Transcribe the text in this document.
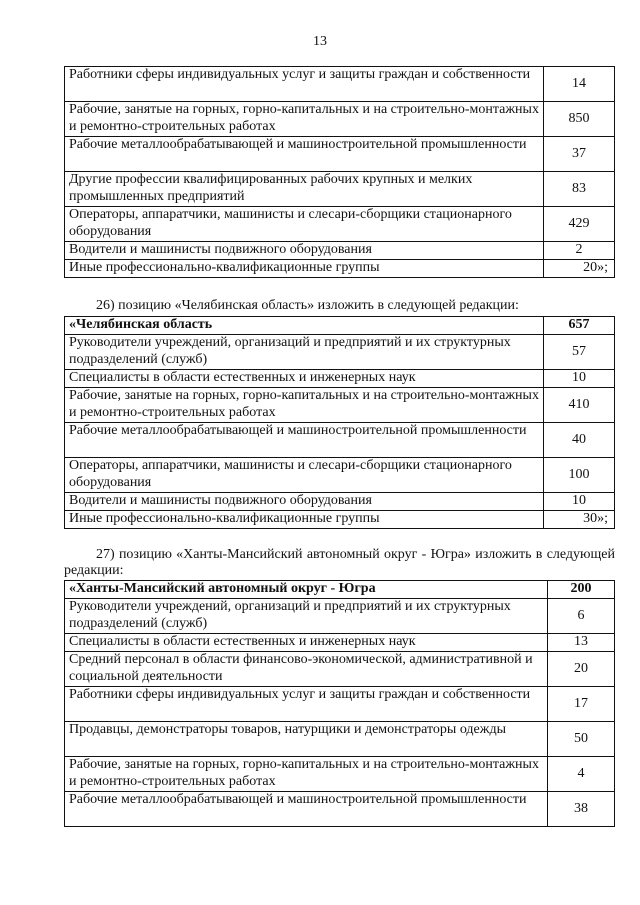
13
Работники сферы индивидуальных услуг и защиты граждан и собственности	14
Рабочие, занятые на горных, горно-капитальных и на строительно-монтажных и ремонтно-строительных работах	850
Рабочие металлообрабатывающей и машиностроительной промышленности	37
Другие профессии квалифицированных рабочих крупных и мелких промышленных предприятий	83
Операторы, аппаратчики, машинисты и слесари-сборщики стационарного оборудования	429
Водители и машинисты подвижного оборудования	2
Иные профессионально-квалификационные группы	20»;
26) позицию «Челябинская область» изложить в следующей редакции:
«Челябинская область	657
Руководители учреждений, организаций и предприятий и их структурных подразделений (служб)	57
Специалисты в области естественных и инженерных наук	10
Рабочие, занятые на горных, горно-капитальных и на строительно-монтажных и ремонтно-строительных работах	410
Рабочие металлообрабатывающей и машиностроительной промышленности	40
Операторы, аппаратчики, машинисты и слесари-сборщики стационарного оборудования	100
Водители и машинисты подвижного оборудования	10
Иные профессионально-квалификационные группы	30»;
27) позицию «Ханты-Мансийский автономный округ - Югра» изложить в следующей редакции:
«Ханты-Мансийский автономный округ - Югра	200
Руководители учреждений, организаций и предприятий и их структурных подразделений (служб)	6
Специалисты в области естественных и инженерных наук	13
Средний персонал в области финансово-экономической, административной и социальной деятельности	20
Работники сферы индивидуальных услуг и защиты граждан и собственности	17
Продавцы, демонстраторы товаров, натурщики и демонстраторы одежды	50
Рабочие, занятые на горных, горно-капитальных и на строительно-монтажных и ремонтно-строительных работах	4
Рабочие металлообрабатывающей и машиностроительной промышленности	38
